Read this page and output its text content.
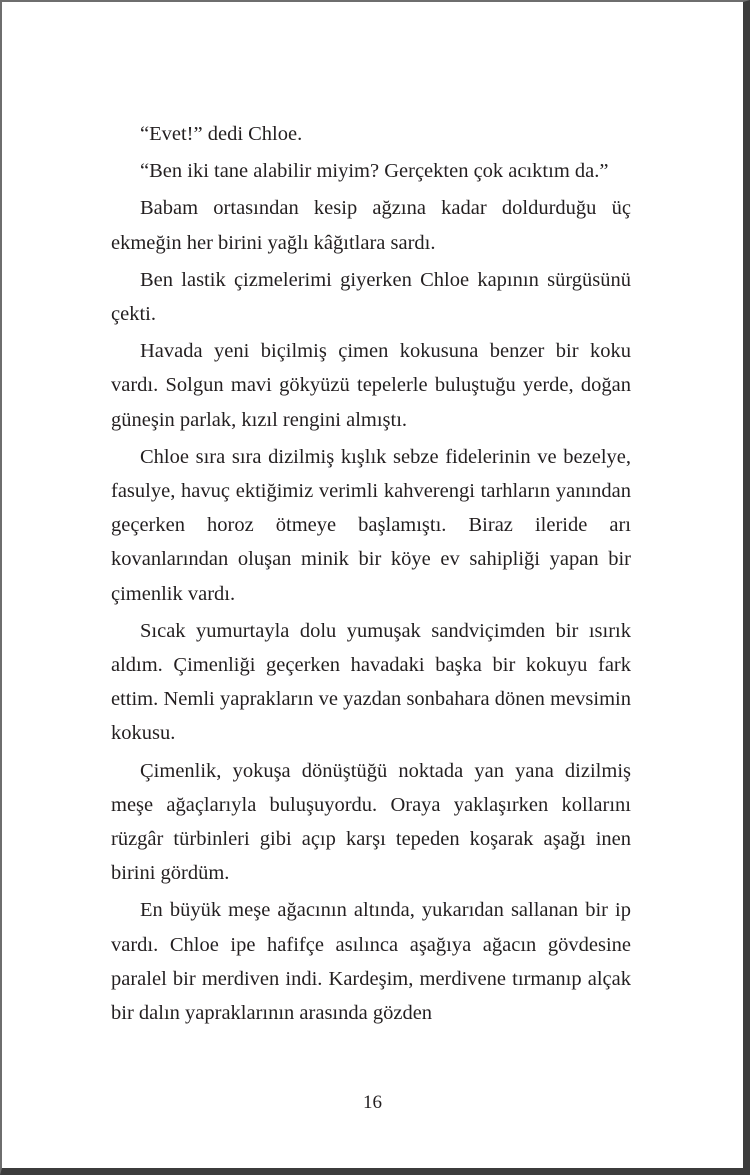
“Evet!” dedi Chloe.

“Ben iki tane alabilir miyim? Gerçekten çok acıktım da.”

Babam ortasından kesip ağzına kadar doldurduğu üç ekmeğin her birini yağlı kâğıtlara sardı.

Ben lastik çizmelerimi giyerken Chloe kapının sürgüsünü çekti.

Havada yeni biçilmiş çimen kokusuna benzer bir koku vardı. Solgun mavi gökyüzü tepelerle buluştuğu yerde, doğan güneşin parlak, kızıl rengini almıştı.

Chloe sıra sıra dizilmiş kışlık sebze fidelerinin ve bezelye, fasulye, havuç ektiğimiz verimli kahverengi tarhların yanından geçerken horoz ötmeye başlamıştı. Biraz ileride arı kovanlarından oluşan minik bir köye ev sahipliği yapan bir çimenlik vardı.

Sıcak yumurtayla dolu yumuşak sandviçimden bir ısırık aldım. Çimenliği geçerken havadaki başka bir kokuyu fark ettim. Nemli yaprakların ve yazdan sonbahara dönen mevsimin kokusu.

Çimenlik, yokuşa dönüştüğü noktada yan yana dizilmiş meşe ağaçlarıyla buluşuyordu. Oraya yaklaşırken kollarını rüzgâr türbinleri gibi açıp karşı tepeden koşarak aşağı inen birini gördüm.

En büyük meşe ağacının altında, yukarıdan sallanan bir ip vardı. Chloe ipe hafifçe asılınca aşağıya ağacın gövdesine paralel bir merdiven indi. Kardeşim, merdivene tırmanıp alçak bir dalın yapraklarının arasında gözden

16
